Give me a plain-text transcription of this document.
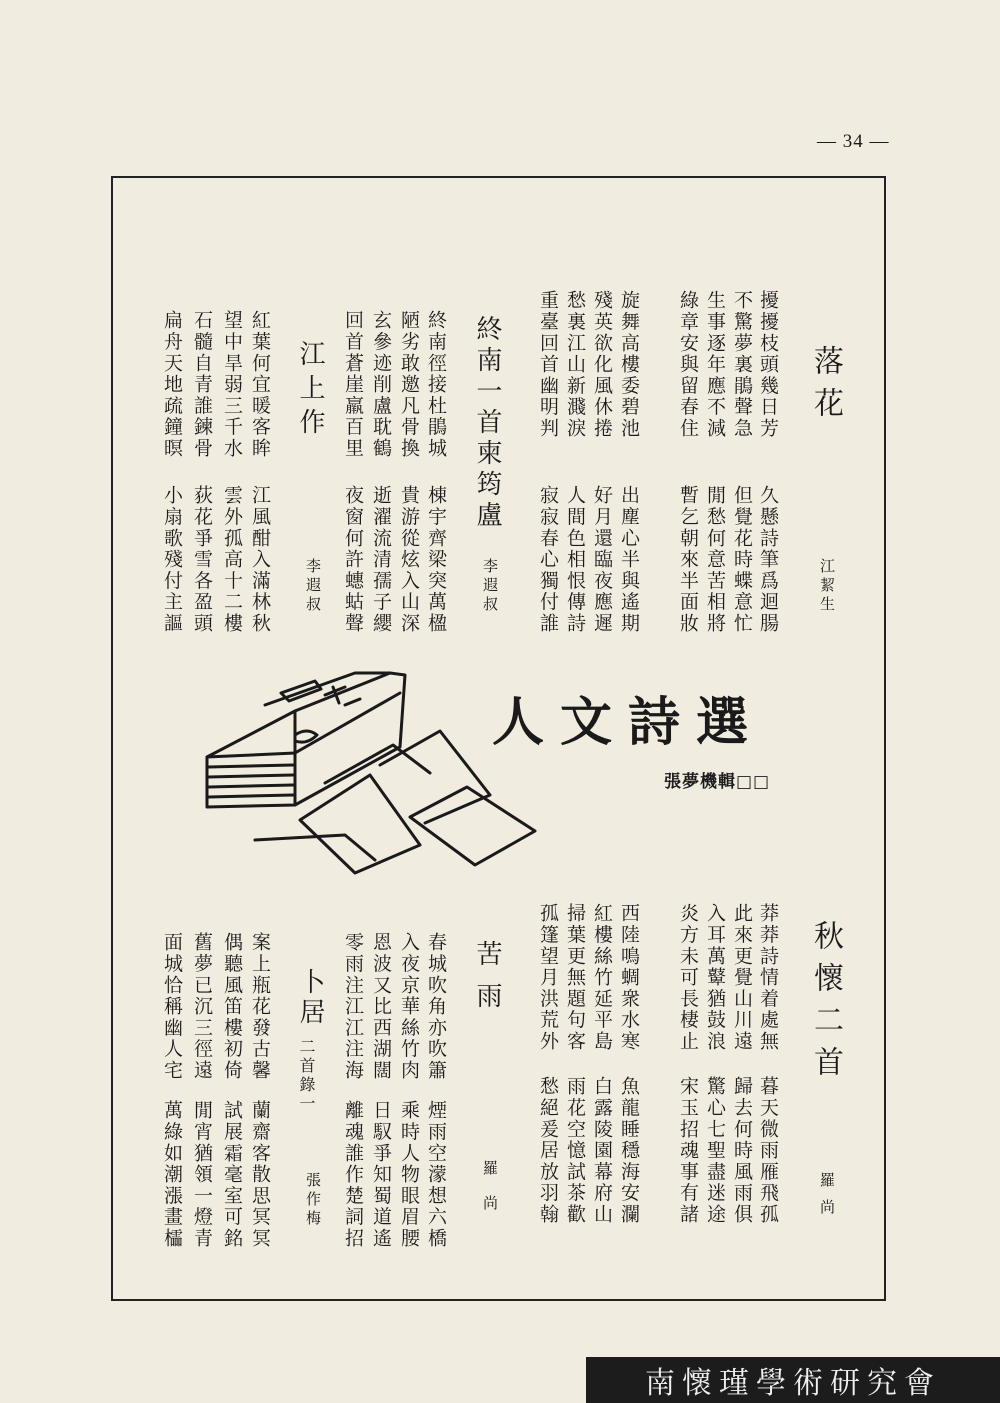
— 34 —
落花
江絜生
擾擾枝頭幾日芳
不驚夢裏鵑聲急
生事逐年應不減
綠章安與留春住
旋舞高樓委碧池
殘英欲化風休捲
愁裏江山新濺淚
重臺回首幽明判
久懸詩筆爲迴腸
但覺花時蝶意忙
閒愁何意苦相將
暫乞朝來半面妝
出塵心半與遙期
好月還臨夜應遲
人間色相恨傳詩
寂寂春心獨付誰
終南一首柬筠盧
李遐叔
終南徑接杜鵑城
陋劣敢邀凡骨換
玄參迹削盧耽鶴
回首蒼崖羸百里
棟宇齊梁突萬楹
貴游從炫入山深
逝濯流清孺子纓
夜窗何許蟪蛄聲
江上作
李遐叔
紅葉何宜暖客眸
望中旱弱三千水
石髓自青誰鍊骨
扁舟天地疏鐘暝
江風酣入滿林秋
雲外孤高十二樓
荻花爭雪各盈頭
小扇歌殘付主謳
人文詩選
張夢機輯□□
秋懷二首
羅尚
莽莽詩情着處無
此來更覺山川遠
入耳萬鼙猶鼓浪
炎方未可長棲止
西陸鳴蜩衆水寒
紅樓絲竹延平島
掃葉更無題句客
孤篷望月洪荒外
暮天微雨雁飛孤
歸去何時風雨俱
驚心七聖盡迷途
宋玉招魂事有諸
魚龍睡穩海安瀾
白露陵園幕府山
雨花空憶試茶歡
愁絕爰居放羽翰
苦雨
羅尚
春城吹角亦吹簫
入夜京華絲竹肉
恩波又比西湖闊
零雨注江江注海
煙雨空濛想六橋
乘時人物眼眉腰
日馭爭知蜀道遙
離魂誰作楚詞招
卜居
二首錄一
張作梅
案上瓶花發古馨
偶聽風笛樓初倚
舊夢已沉三徑遠
面城恰稱幽人宅
蘭齋客散思冥冥
試展霜毫室可銘
閒宵猶領一燈青
萬綠如潮漲畫櫺
南懷瑾學術研究會
